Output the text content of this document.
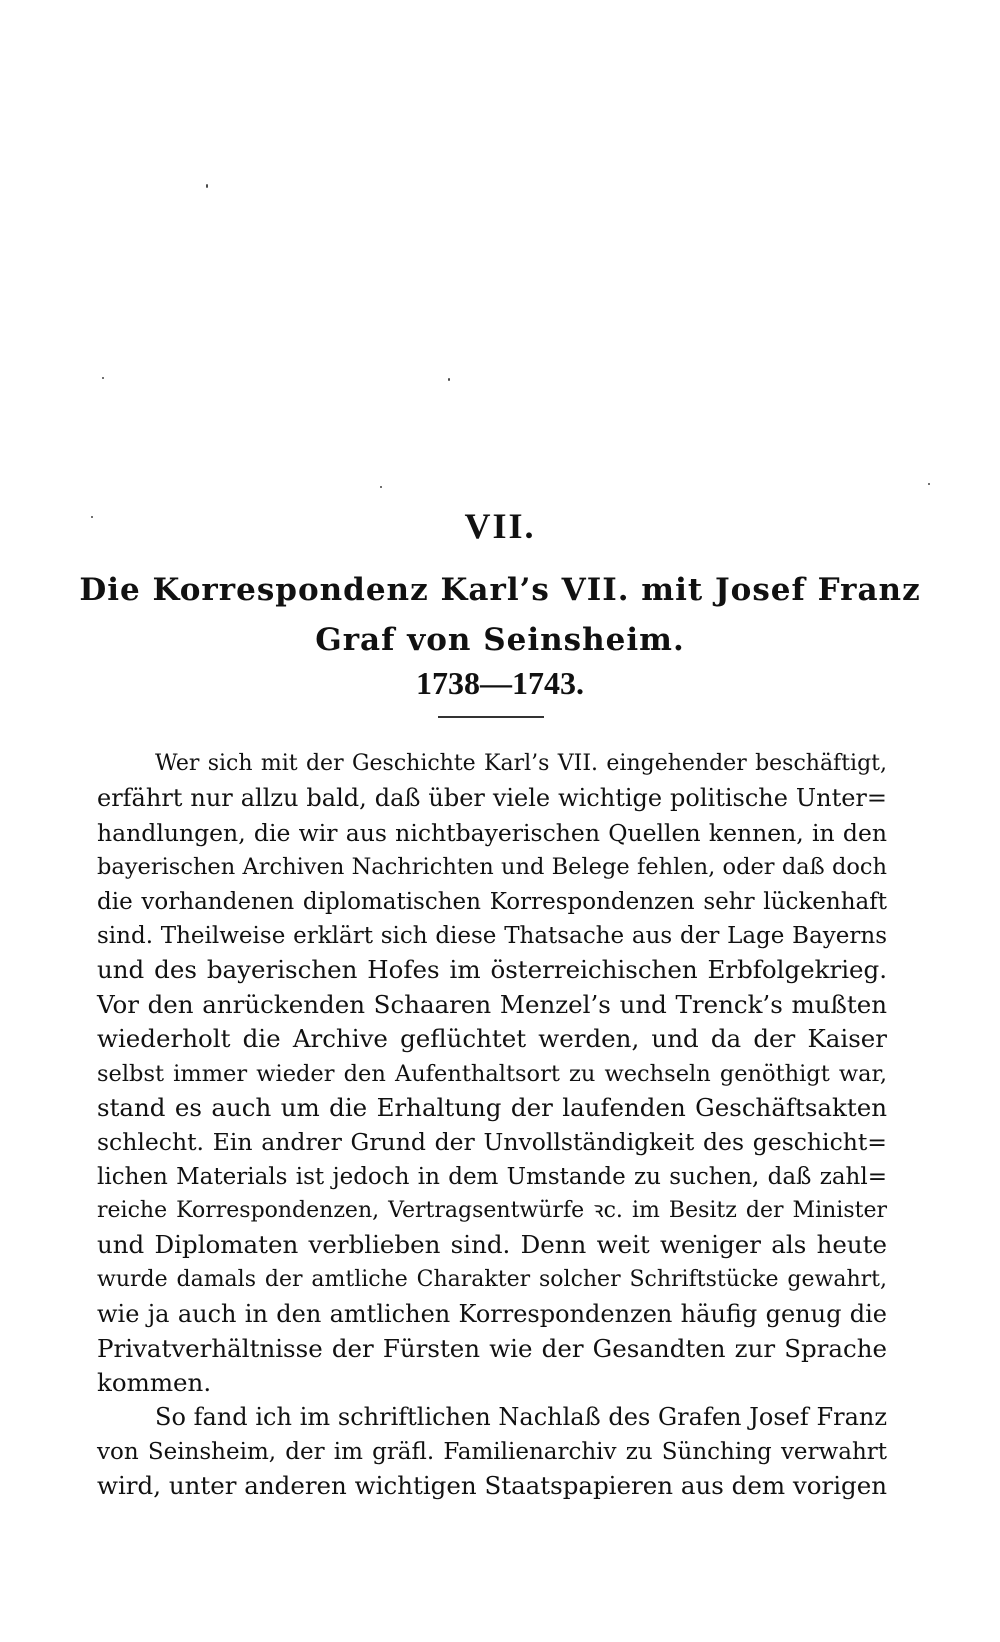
VII.
Die Korrespondenz Karl’s VII. mit Josef Franz
Graf von Seinsheim.
1738—1743.
Wer sich mit der Geschichte Karl’s VII. eingehender beschäftigt,
erfährt nur allzu bald, daß über viele wichtige politische Unter=
handlungen, die wir aus nichtbayerischen Quellen kennen, in den
bayerischen Archiven Nachrichten und Belege fehlen, oder daß doch
die vorhandenen diplomatischen Korrespondenzen sehr lückenhaft
sind. Theilweise erklärt sich diese Thatsache aus der Lage Bayerns
und des bayerischen Hofes im österreichischen Erbfolgekrieg.
Vor den anrückenden Schaaren Menzel’s und Trenck’s mußten
wiederholt die Archive geflüchtet werden, und da der Kaiser
selbst immer wieder den Aufenthaltsort zu wechseln genöthigt war,
stand es auch um die Erhaltung der laufenden Geschäftsakten
schlecht. Ein andrer Grund der Unvollständigkeit des geschicht=
lichen Materials ist jedoch in dem Umstande zu suchen, daß zahl=
reiche Korrespondenzen, Vertragsentwürfe ꝛc. im Besitz der Minister
und Diplomaten verblieben sind. Denn weit weniger als heute
wurde damals der amtliche Charakter solcher Schriftstücke gewahrt,
wie ja auch in den amtlichen Korrespondenzen häufig genug die
Privatverhältnisse der Fürsten wie der Gesandten zur Sprache
kommen.
So fand ich im schriftlichen Nachlaß des Grafen Josef Franz
von Seinsheim, der im gräfl. Familienarchiv zu Sünching verwahrt
wird, unter anderen wichtigen Staatspapieren aus dem vorigen
